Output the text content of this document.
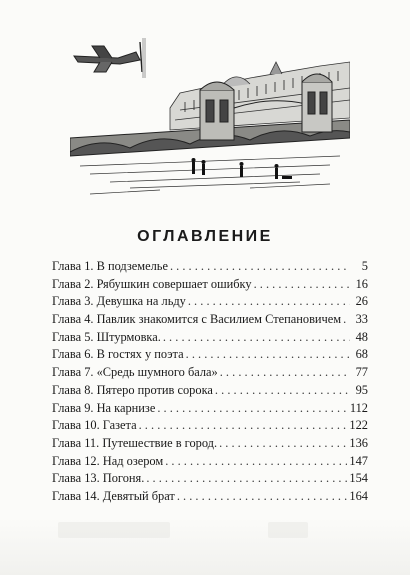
ОГЛАВЛЕНИЕ
Глава 1. В подземелье . . .	5
Глава 2. Рябушкин совершает ошибку . . .	16
Глава 3. Девушка на льду . . .	26
Глава 4. Павлик знакомится с Василием Степановичем . . . 33
Глава 5. Штурмовка. . . .	48
Глава 6. В гостях у поэта . . .	68
Глава 7. «Средь шумного бала» . . .	77
Глава 8. Пятеро против сорока . . .	95
Глава 9. На карнизе . . .	112
Глава 10. Газета . . .	122
Глава 11. Путешествие в город. . . .	136
Глава 12. Над озером . . .	147
Глава 13. Погоня. . . .	154
Глава 14. Девятый брат . . .	164
